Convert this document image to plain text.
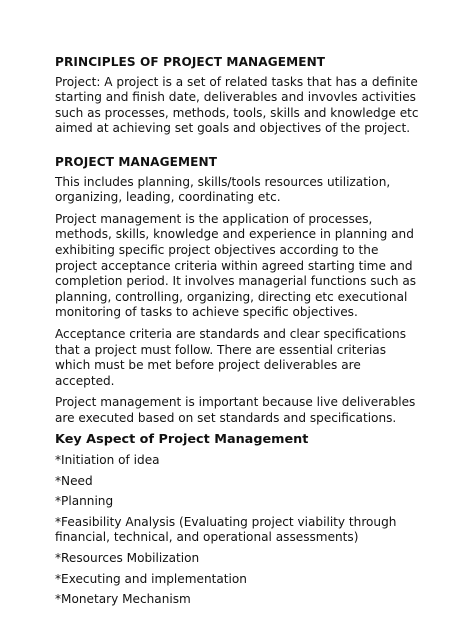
PRINCIPLES OF PROJECT MANAGEMENT

Project: A project is a set of related tasks that has a definite starting and finish date, deliverables and invovles activities such as processes, methods, tools, skills and knowledge etc aimed at achieving set goals and objectives of the project.

PROJECT MANAGEMENT

This includes planning, skills/tools resources utilization, organizing, leading, coordinating etc.

Project management is the application of processes, methods, skills, knowledge and experience in planning and exhibiting specific project objectives according to the project acceptance criteria within agreed starting time and completion period. It involves managerial functions such as planning, controlling, organizing, directing etc executional monitoring of tasks to achieve specific objectives.

Acceptance criteria are standards and clear specifications that a project must follow. There are essential criterias which must be met before project deliverables are accepted.

Project management is important because live deliverables are executed based on set standards and specifications.

Key Aspect of Project Management

*Initiation of idea

*Need

*Planning

*Feasibility Analysis (Evaluating project viability through financial, technical, and operational assessments)

*Resources Mobilization

*Executing and implementation

*Monetary Mechanism
